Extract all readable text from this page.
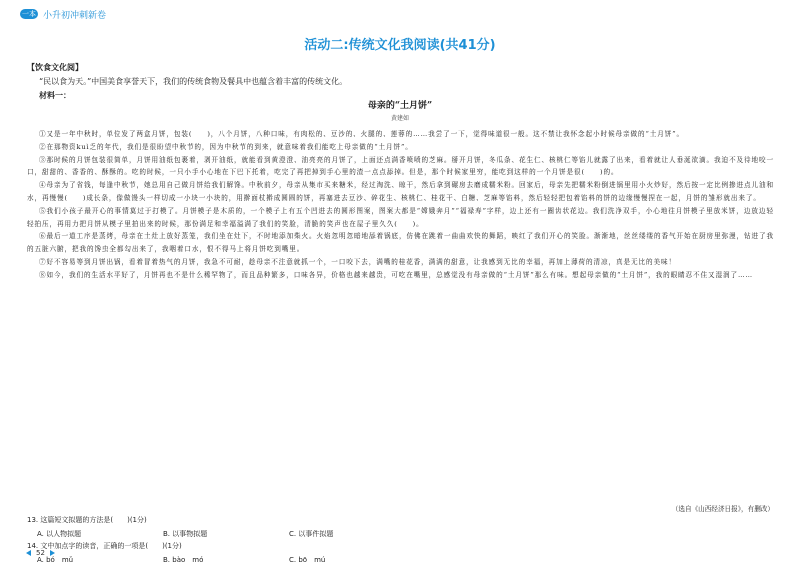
一本 小升初冲刺新卷
活动二:传统文化我阅读(共41分)
【饮食文化阅】
“民以食为天。”中国美食享誉天下，我们的传统食物及餐具中也蕴含着丰富的传统文化。
材料一：
母亲的“土月饼”
黄建如

①又是一年中秋时，单位发了两盒月饼，包装(　　)，八个月饼，八种口味，有肉松的、豆沙的、火腿的、莲蓉的……我尝了一下，觉得味道很一般。这不禁让我怀念起小时候母亲做的“土月饼”。

②在那物资kuì乏的年代，我们是很盼望中秋节的，因为中秋节的到来，就意味着我们能吃上母亲做的“土月饼”。

③那时候的月饼包装很简单，月饼用油纸包裹着，剥开油纸，就能看到黄澄澄、油亮亮的月饼了，上面还点满香喷喷的芝麻。掰开月饼，冬瓜条、花生仁、核桃仁等馅儿就露了出来，看着就让人垂涎欲滴。我迫不及待地咬一口，甜甜的、香香的、酥酥的。吃的时候，一只小手小心地在下巴下托着，吃完了再把掉到手心里的渣一点点舔掉。但是，那个时候家里穷，能吃到这样的一个月饼是很(　　)的。

④母亲为了省钱，每逢中秋节，她总用自己做月饼给我们解馋。中秋前夕，母亲从集市买来糖米，经过淘洗、晾干，然后拿到碾房去磨成糯米粉。回家后，母亲先把糯米粉倒进锅里用小火炒好，然后按一定比例掺进点儿油和水，再慢慢(　　)成长条，像做馒头一样切成一小块一小块的，用擀面杖擀成圆圆的饼，再塞进去豆沙、碎花生、核桃仁、桂花干、白糖、芝麻等馅料，然后轻轻把包着馅料的饼的边缘慢慢捏在一起，月饼的雏形就出来了。

⑤我们小孩子最开心的事情莫过于打模了。月饼模子是木质的，一个模子上有五个凹进去的圆形图案，图案大都是“嫦娥奔月”“福禄寿”字样，边上还有一圈齿状花边。我们洗净双手，小心地往月饼模子里放米饼，边放边轻轻拍压，再用力把月饼从模子里拍出来的时候，那份满足和幸福溢满了我们的笑脸，清脆的笑声也在屋子里久久(　　)。

⑥最后一道工序是蒸烤，母亲在土灶上放好蒸笼，我们坐在灶下，不时地添加柴火。火焰忽明忽暗地舔着锅底，仿佛在跳着一曲曲欢快的舞蹈，映红了我们开心的笑脸。渐渐地，丝丝缕缕的香气开始在厨房里弥漫，钻进了我的五脏六腑，把我的馋虫全都勾出来了，我咽着口水，恨不得马上将月饼吃到嘴里。

⑦好不容易等到月饼出锅，看着冒着热气的月饼，我急不可耐，趁母亲不注意就抓一个，一口咬下去，满嘴的桂花香，满满的甜意，让我感到无比的幸福，再加上薄荷的清凉，真是无比的美味！

⑧如今，我们的生活水平好了，月饼再也不是什么稀罕物了，而且品种繁多，口味各异，价格也越来越贵，可吃在嘴里，总感觉没有母亲做的“土月饼”那么有味。想起母亲做的“土月饼”，我的眼睛忍不住又湿润了……

（选自《山西经济日报》，有删改）
13. 这篇短文拟题的方法是(　　)(1分)
A. 以人物拟题	B. 以事物拟题	C. 以事件拟题
14. 文中加点字的读音，正确的一项是(　　)(1分)
A. bó　mǔ	B. bào　mó	C. bō　mú
52
